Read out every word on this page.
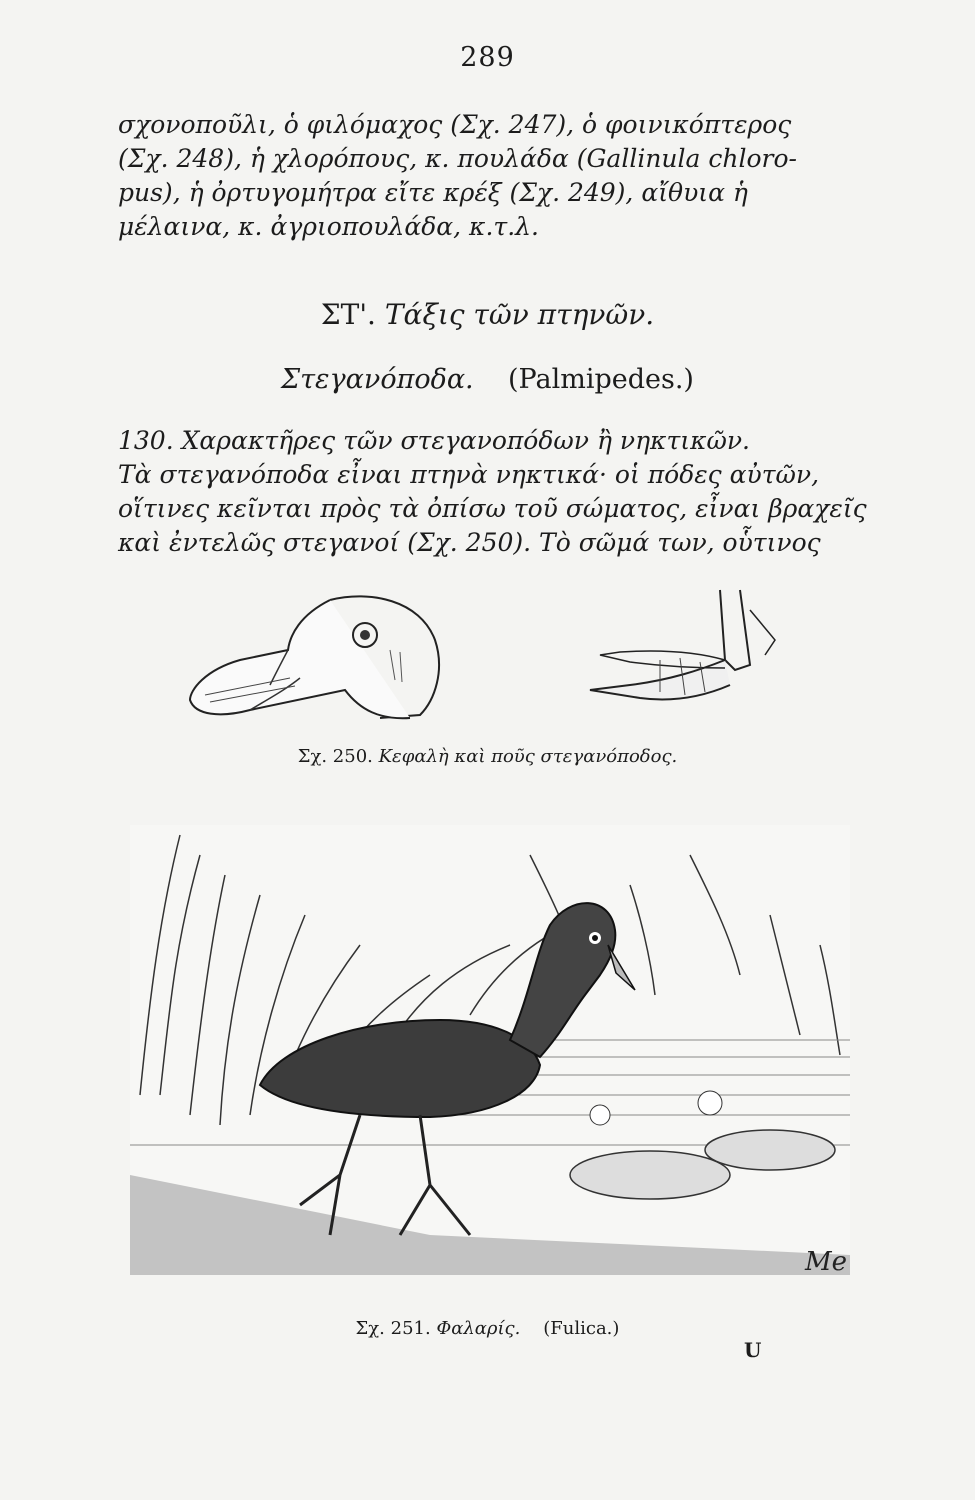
289
σχονοποῦλι, ὁ φιλόμαχος (Σχ. 247), ὁ φοινικόπτερος
(Σχ. 248), ἡ χλορόπους, κ. πουλάδα (Gallinula chloro-
pus), ἡ ὀρτυγομήτρα εἴτε κρέξ (Σχ. 249), αἴθυια ἡ
μέλαινα, κ. ἀγριοπουλάδα, κ.τ.λ.
ΣΤ'. Τάξις τῶν πτηνῶν.
Στεγανόποδα. (Palmipedes.)
130. Χαρακτῆρες τῶν στεγανοπόδων ἢ νηκτικῶν.
Τὰ στεγανόποδα εἶναι πτηνὰ νηκτικά· οἱ πόδες αὐτῶν,
οἵτινες κεῖνται πρὸς τὰ ὀπίσω τοῦ σώματος, εἶναι βραχεῖς
καὶ ἐντελῶς στεγανοί (Σχ. 250). Τὸ σῶμά των, οὗτινος
Σχ. 250. Κεφαλὴ καὶ ποῦς στεγανόποδος.
Me
Σχ. 251. Φαλαρίς. (Fulica.)
U
